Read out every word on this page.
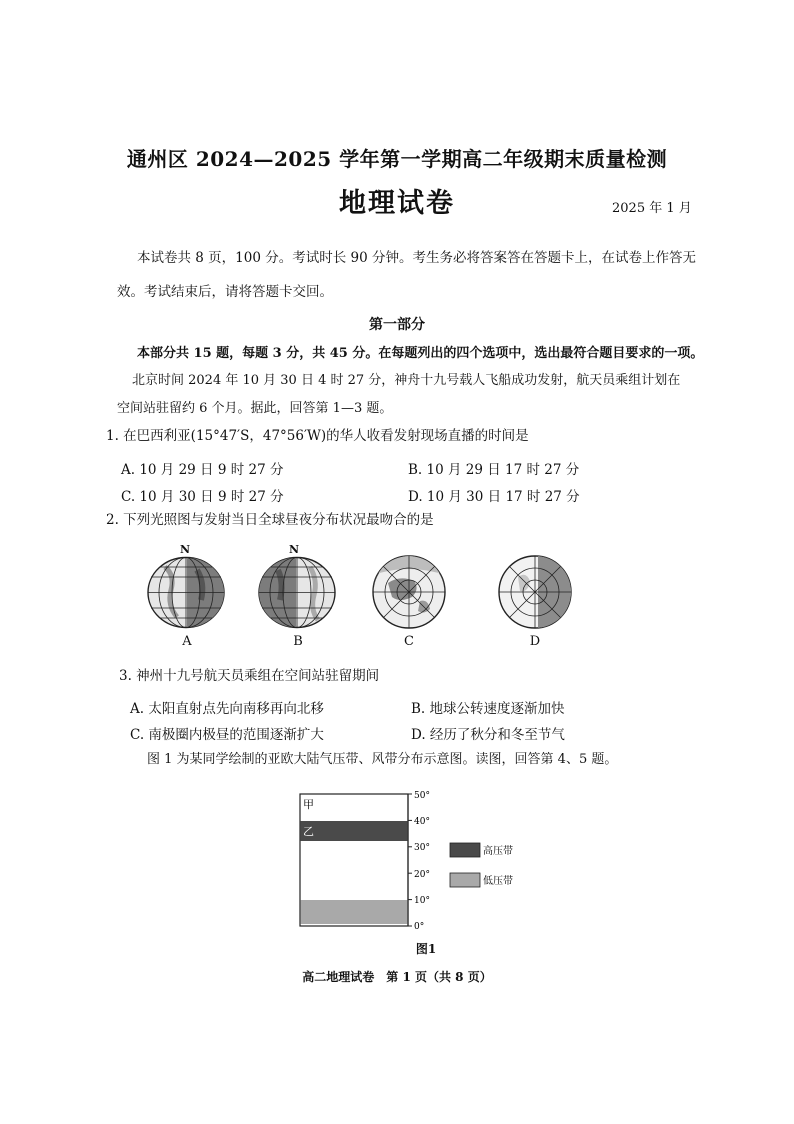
通州区 2024—2025 学年第一学期高二年级期末质量检测
地理试卷	2025 年 1 月
本试卷共 8 页，100 分。考试时长 90 分钟。考生务必将答案答在答题卡上，在试卷上作答无
效。考试结束后，请将答题卡交回。
第一部分
本部分共 15 题，每题 3 分，共 45 分。在每题列出的四个选项中，选出最符合题目要求的一项。
北京时间 2024 年 10 月 30 日 4 时 27 分，神舟十九号载人飞船成功发射，航天员乘组计划在
空间站驻留约 6 个月。据此，回答第 1—3 题。
1. 在巴西利亚(15°47′S，47°56′W)的华人收看发射现场直播的时间是
A. 10 月 29 日 9 时 27 分	B. 10 月 29 日 17 时 27 分
C. 10 月 30 日 9 时 27 分	D. 10 月 30 日 17 时 27 分
2. 下列光照图与发射当日全球昼夜分布状况最吻合的是
N
A
N
B	C	D
3. 神州十九号航天员乘组在空间站驻留期间
A. 太阳直射点先向南移再向北移	B. 地球公转速度逐渐加快
C. 南极圈内极昼的范围逐渐扩大	D. 经历了秋分和冬至节气
图 1 为某同学绘制的亚欧大陆气压带、风带分布示意图。读图，回答第 4、5 题。
50°
40°
30°
20°
10°
0°
甲
乙
高压带
低压带
图1
高二地理试卷　第 1 页（共 8 页）
